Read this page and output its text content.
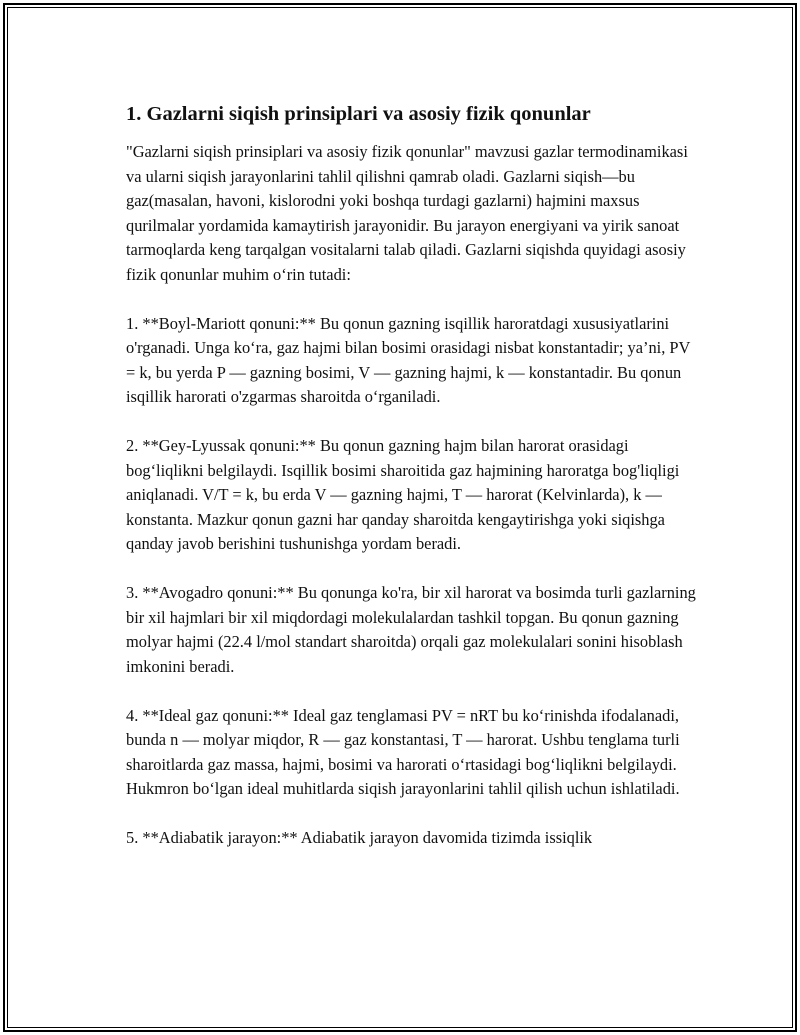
1. Gazlarni siqish prinsiplari va asosiy fizik qonunlar

"Gazlarni siqish prinsiplari va asosiy fizik qonunlar" mavzusi gazlar termodinamikasi va ularni siqish jarayonlarini tahlil qilishni qamrab oladi. Gazlarni siqish—bu gaz(masalan, havoni, kislorodni yoki boshqa turdagi gazlarni) hajmini maxsus qurilmalar yordamida kamaytirish jarayonidir. Bu jarayon energiyani va yirik sanoat tarmoqlarda keng tarqalgan vositalarni talab qiladi. Gazlarni siqishda quyidagi asosiy fizik qonunlar muhim o‘rin tutadi:

1. **Boyl-Mariott qonuni:** Bu qonun gazning isqillik haroratdagi xususiyatlarini o'rganadi. Unga ko‘ra, gaz hajmi bilan bosimi orasidagi nisbat konstantadir; ya’ni, PV = k, bu yerda P — gazning bosimi, V — gazning hajmi, k — konstantadir. Bu qonun isqillik harorati o'zgarmas sharoitda o‘rganiladi.

2. **Gey-Lyussak qonuni:** Bu qonun gazning hajm bilan harorat orasidagi bog‘liqlikni belgilaydi. Isqillik bosimi sharoitida gaz hajmining haroratga bog'liqligi aniqlanadi. V/T = k, bu erda V — gazning hajmi, T — harorat (Kelvinlarda), k — konstanta. Mazkur qonun gazni har qanday sharoitda kengaytirishga yoki siqishga qanday javob berishini tushunishga yordam beradi.

3. **Avogadro qonuni:** Bu qonunga ko'ra, bir xil harorat va bosimda turli gazlarning bir xil hajmlari bir xil miqdordagi molekulalardan tashkil topgan. Bu qonun gazning molyar hajmi (22.4 l/mol standart sharoitda) orqali gaz molekulalari sonini hisoblash imkonini beradi.

4. **Ideal gaz qonuni:** Ideal gaz tenglamasi PV = nRT bu ko‘rinishda ifodalanadi, bunda n — molyar miqdor, R — gaz konstantasi, T — harorat. Ushbu tenglama turli sharoitlarda gaz massa, hajmi, bosimi va harorati o‘rtasidagi bog‘liqlikni belgilaydi. Hukmron bo‘lgan ideal muhitlarda siqish jarayonlarini tahlil qilish uchun ishlatiladi.

5. **Adiabatik jarayon:** Adiabatik jarayon davomida tizimda issiqlik
